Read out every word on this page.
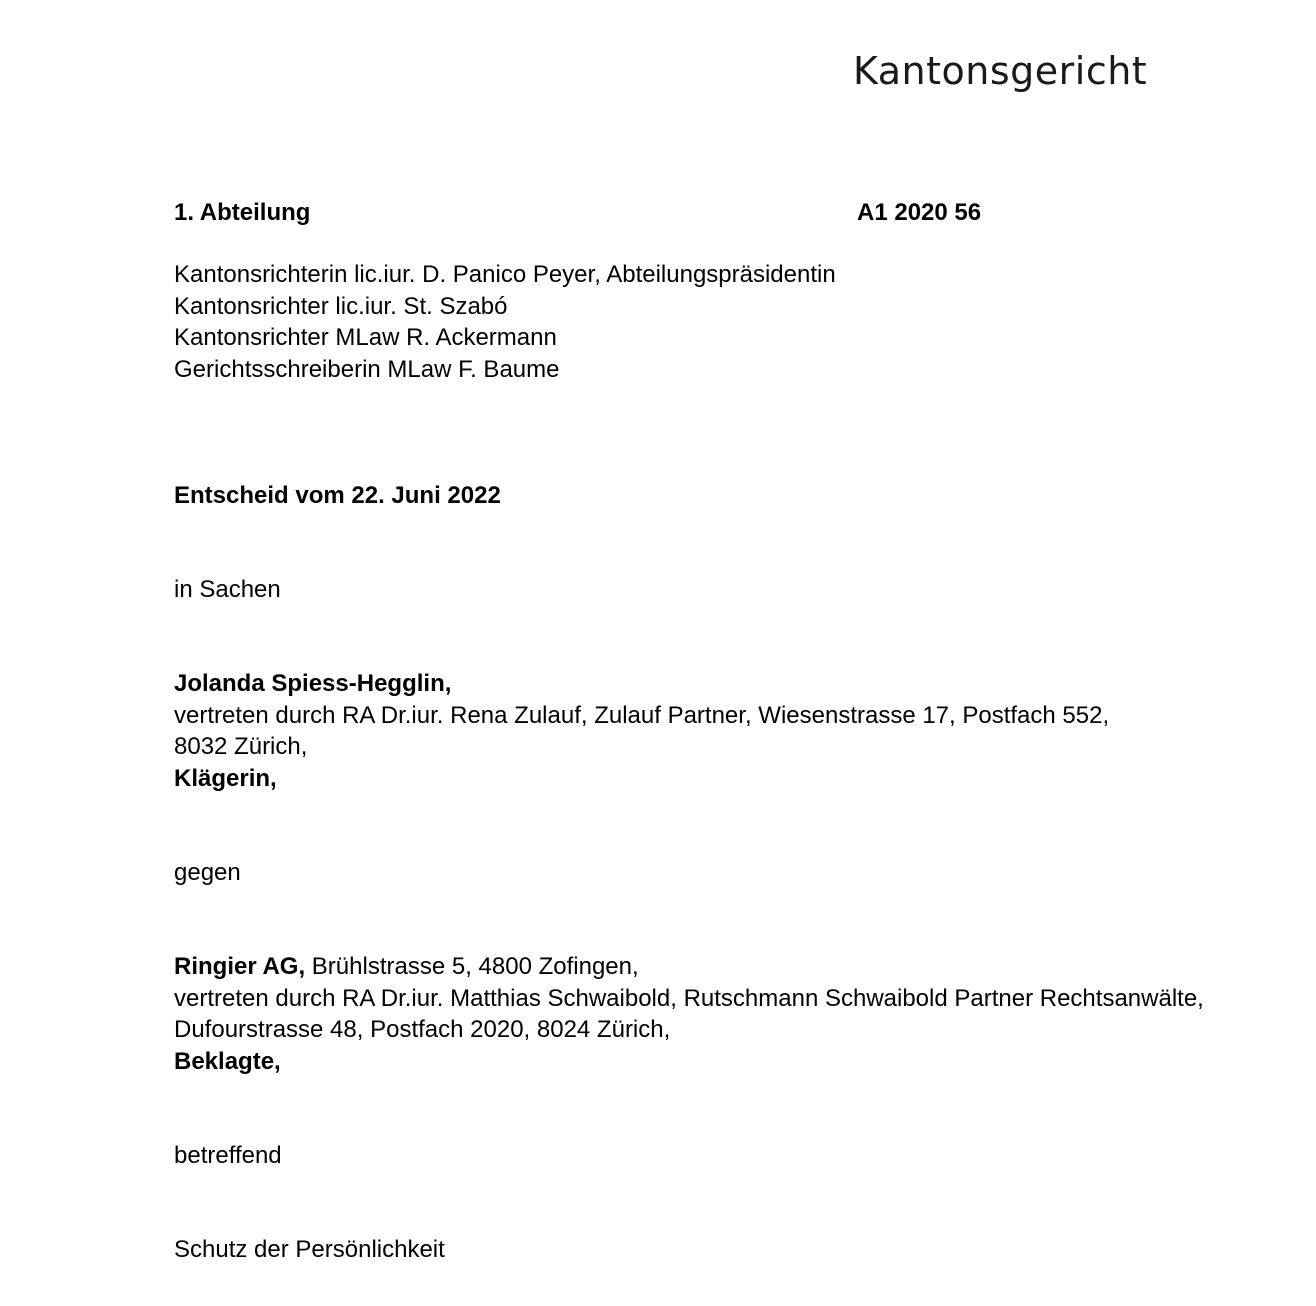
Kantonsgericht
1. Abteilung	A1 2020 56
Kantonsrichterin lic.iur. D. Panico Peyer, Abteilungspräsidentin
Kantonsrichter lic.iur. St. Szabó
Kantonsrichter MLaw R. Ackermann
Gerichtsschreiberin MLaw F. Baume
Entscheid vom 22. Juni 2022
in Sachen
Jolanda Spiess-Hegglin,
vertreten durch RA Dr.iur. Rena Zulauf, Zulauf Partner, Wiesenstrasse 17, Postfach 552,
8032 Zürich,
Klägerin,
gegen
Ringier AG, Brühlstrasse 5, 4800 Zofingen,
vertreten durch RA Dr.iur. Matthias Schwaibold, Rutschmann Schwaibold Partner Rechtsanwälte,
Dufourstrasse 48, Postfach 2020, 8024 Zürich,
Beklagte,
betreffend
Schutz der Persönlichkeit
